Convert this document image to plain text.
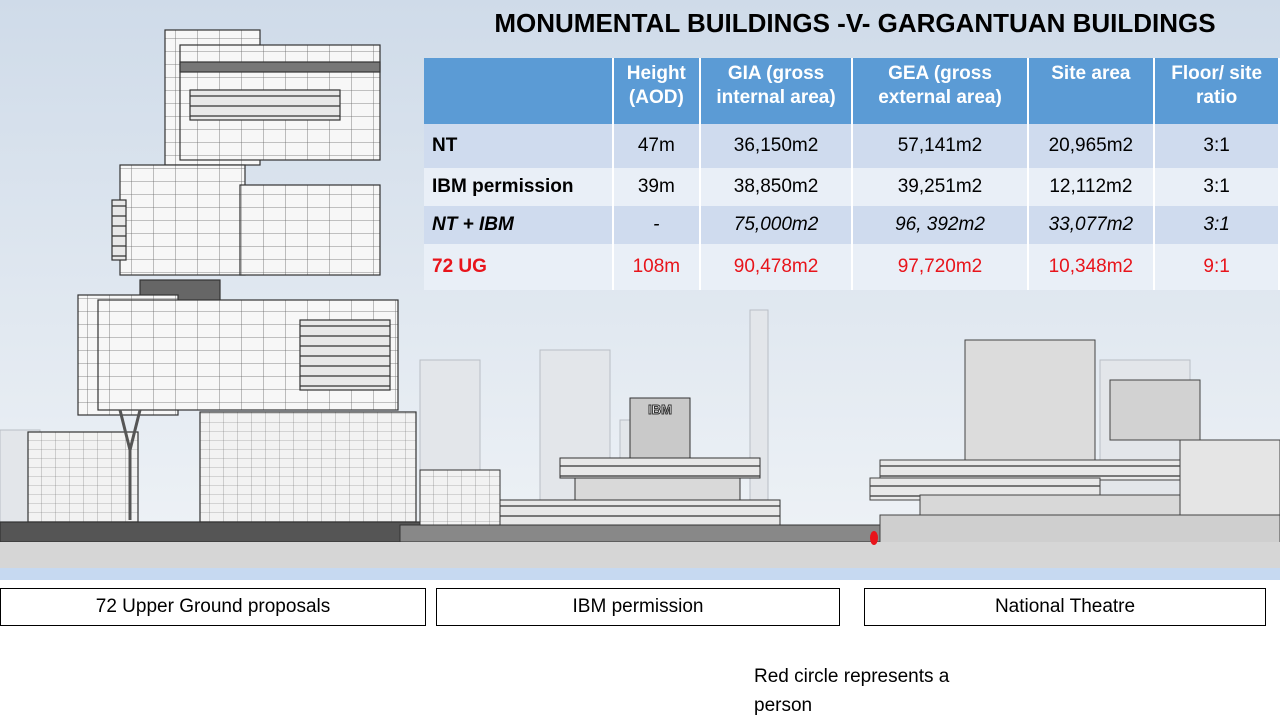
IBM
MONUMENTAL BUILDINGS -V- GARGANTUAN BUILDINGS
	Height (AOD)	GIA (gross internal area)	GEA (gross external area)	Site area	Floor/ site ratio
NT	47m	36,150m2	57,141m2	20,965m2	3:1
IBM permission	39m	38,850m2	39,251m2	12,112m2	3:1
NT + IBM	-	75,000m2	96, 392m2	33,077m2	3:1
72 UG	108m	90,478m2	97,720m2	10,348m2	9:1
72 Upper Ground proposals	IBM permission	National Theatre
Red circle represents a person
